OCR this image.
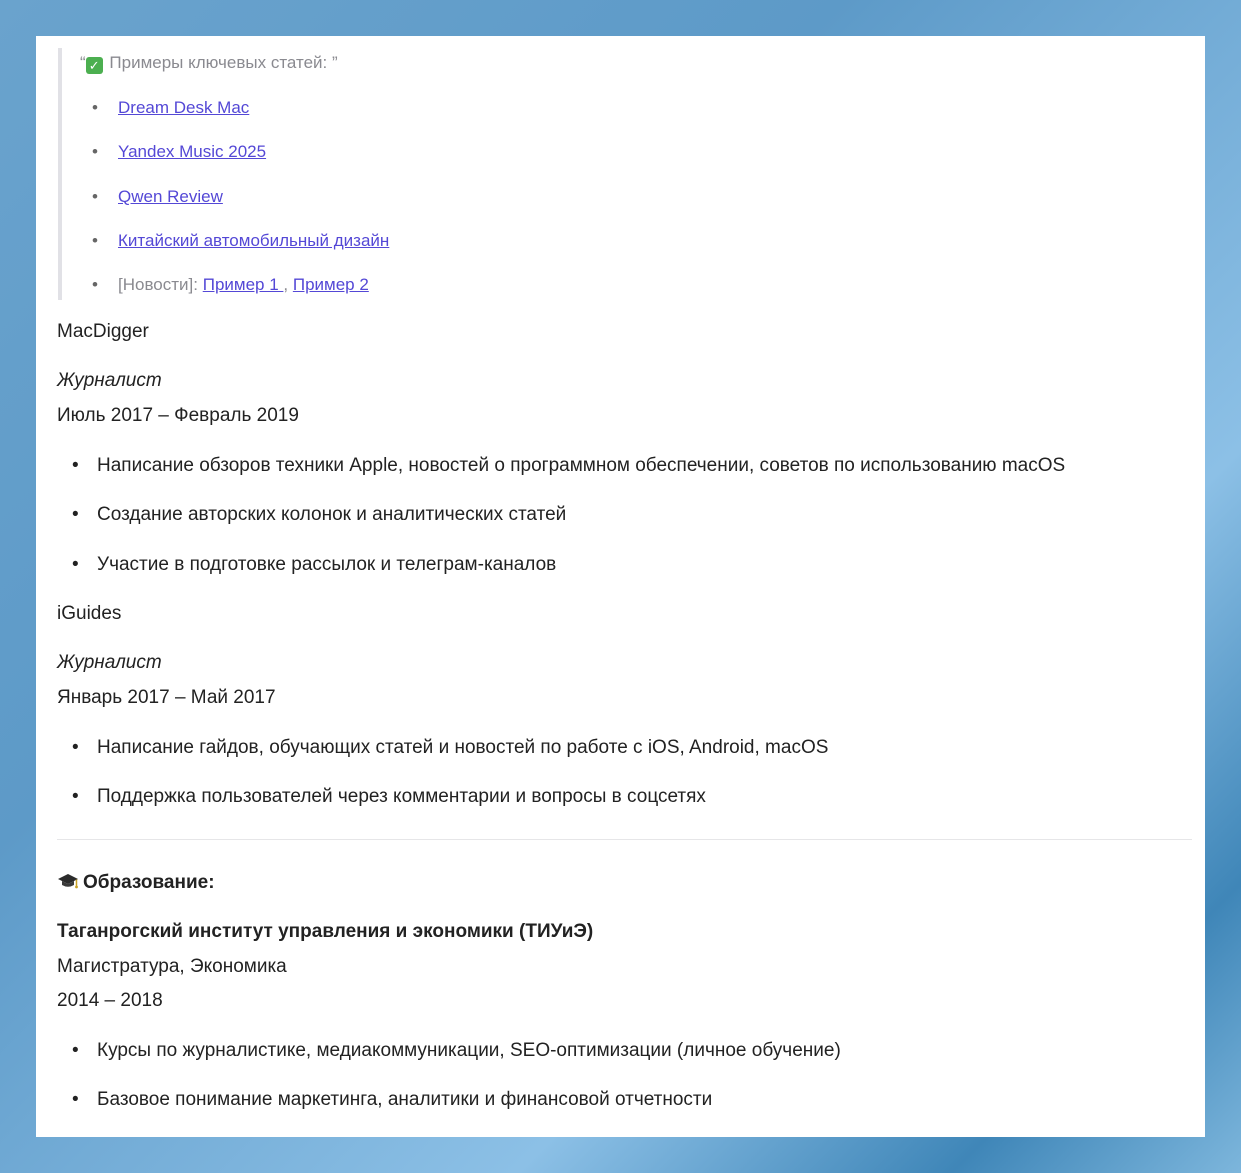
“ ✓ Примеры ключевых статей: ”
• Dream Desk Mac
• Yandex Music 2025
• Qwen Review
• Китайский автомобильный дизайн
• [Новости]: Пример 1 , Пример 2
MacDigger
Журналист
Июль 2017 – Февраль 2019
• Написание обзоров техники Apple, новостей о программном обеспечении, советов по использованию macOS
• Создание авторских колонок и аналитических статей
• Участие в подготовке рассылок и телеграм-каналов
iGuides
Журналист
Январь 2017 – Май 2017
• Написание гайдов, обучающих статей и новостей по работе с iOS, Android, macOS
• Поддержка пользователей через комментарии и вопросы в соцсетях
Образование:
Таганрогский институт управления и экономики (ТИУиЭ)
Магистратура, Экономика
2014 – 2018
• Курсы по журналистике, медиакоммуникации, SEO-оптимизации (личное обучение)
• Базовое понимание маркетинга, аналитики и финансовой отчетности
